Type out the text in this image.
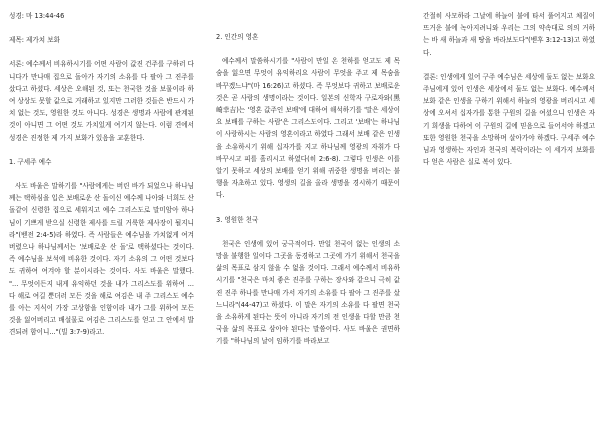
성경: 마 13:44-46

제목: 제가치 보화

서론: 예수께서 비유하시기를 어떤 사람이 값진 건주를 구하러 다니다가 만나매 집으로 돌아가 자기의 소유를 다 팔아 그 진주를 샀다고 하셨다. 세상은 오해된 것, 또는 천국한 것을 보물이라 하여 상상도 못할 값으로 거래하고 있지만 그러한 것들은 반드시 가치 없는 것도, 영원한 것도 아니다. 성경은 생명과 사람에 관계된 것이 아니면 그 어떤 것도 가치있게 여기지 않는다. 이럼 견에서 성경은 진정한 제 가지 보화가 있음을 교훈한다.

1. 구세주 예수

사도 바울은 말하기를 "사람에게는 버린 바가 되었으나 하나님께는 택하심을 입은 보배로운 산 돌이신 예수께 나아와 너희도 산 돌같이 신령한 집으로 세워지고 예수 그리스도로 말미암아 하나님이 기쁘게 받으실 신령한 제사를 드릴 거룩한 제사장이 될지니라"(벧전 2:4-5)라 하였다. 즉 사람들은 예수님을 가치없게 여겨 버렸으나 하나님께서는 '보배로운 산 돌'로 택하셨다는 것이다. 즉 예수님을 보석에 비유한 것이다. 자기 소유의 그 어떤 것보다도 귀하여 여겨야 할 분이시라는 것이다. 사도 바울은 말했다. "... 무엇이든지 내게 유익하던 것을 내가 그리스도를 위하여 ... 다 해로 여길 뿐더러 모든 것을 해로 여김은 내 주 그리스도 예수를 아는 지식이 가장 고상함을 인함이라 내가 그를 위하여 모든 것을 잃어버리고 배설물로 여김은 그리스도를 얻고 그 안에서 발견되려 함이니..."(빌 3:7-9)라고.

2. 인간의 영혼

예수께서 말씀하시기를 "사람이 만일 온 천하를 얻고도 제 목숨을 잃으면 무엇이 유익하리요 사람이 무엇을 주고 제 목숨을 바꾸겠느냐"(마 16:26)고 하셨다. 즉 무엇보다 귀하고 보배로운 것은 곧 사람의 생명이라는 것이다. 일본의 신학자 구로자와(黑崎幸吉)는 '영혼 값주인 보배'에 대하여 해석하기를 '말은 세상이요 보배를 구하는 사람'은 그리스도이다. 그리고 '보배'는 하나님이 사랑하시는 사람의 영혼이라고 하였다 그래서 보배 같은 인생을 소유하시기 위해 십자가를 지고 하나님께 영광의 자취가 다 바꾸시고 피를 흘리시고 하였다(히 2:6-8). 그렇다 인생은 이를 알기 못하고 세상의 보배를 얻기 위해 귀중한 생명을 버리는 불행을 자초하고 있다. 영생의 길을 올라 생명을 경시하기 때문이다.

3. 영원한 천국

천국은 인생에 있어 궁극적이다. 만일 천국이 없는 인생의 소망을 불행한 일이다 그곳을 동경하고 그곳에 가기 위해서 천국을 삶의 목표로 삼지 않을 수 없을 것이다. 그래서 예수께서 비유하시기를 "천국은 마치 좋은 진주를 구하는 장사와 같으니 극히 값진 진주 하나를 만나매 가서 자기의 소유를 다 팔아 그 진주를 샀느니라"(44-47)고 하셨다. 이 말은 자기의 소유를 다 팔면 천국을 소유하게 된다는 뜻이 아니라 자기의 전 인생을 다할 만큼 천국을 삶의 목표로 삼아야 된다는 말씀이다. 사도 바울은 권면하기를 "하나님의 날이 임하기를 바라보고

간절히 사모하라 그날에 하늘이 불에 타서 풀어지고 체질이 뜨거운 불에 녹아지려니와 우리는 그의 약속대로 의의 거하는 바 새 하늘과 새 땅을 바라보도다"(벧후 3:12-13)고 하였다.

결론: 인생에게 있어 구주 예수님은 세상에 둘도 없는 보화요 주님에게 있어 인생은 세상에서 둘도 없는 보화다. 예수께서 보화 같은 인생을 구하기 위해서 하늘의 영광을 버리시고 세상에 오셔서 십자가를 통한 구원의 길을 여셨으니 인생은 자기 희생을 다하여 이 구원의 길에 믿음으로 들어서야 하겠고 또한 영원한 천국을 소망하며 살아가야 하겠다. 구세주 예수님과 영생하는 자인과 천국의 복락이라는 이 세가지 보화를 다 얻은 사람은 실로 복이 있다.
